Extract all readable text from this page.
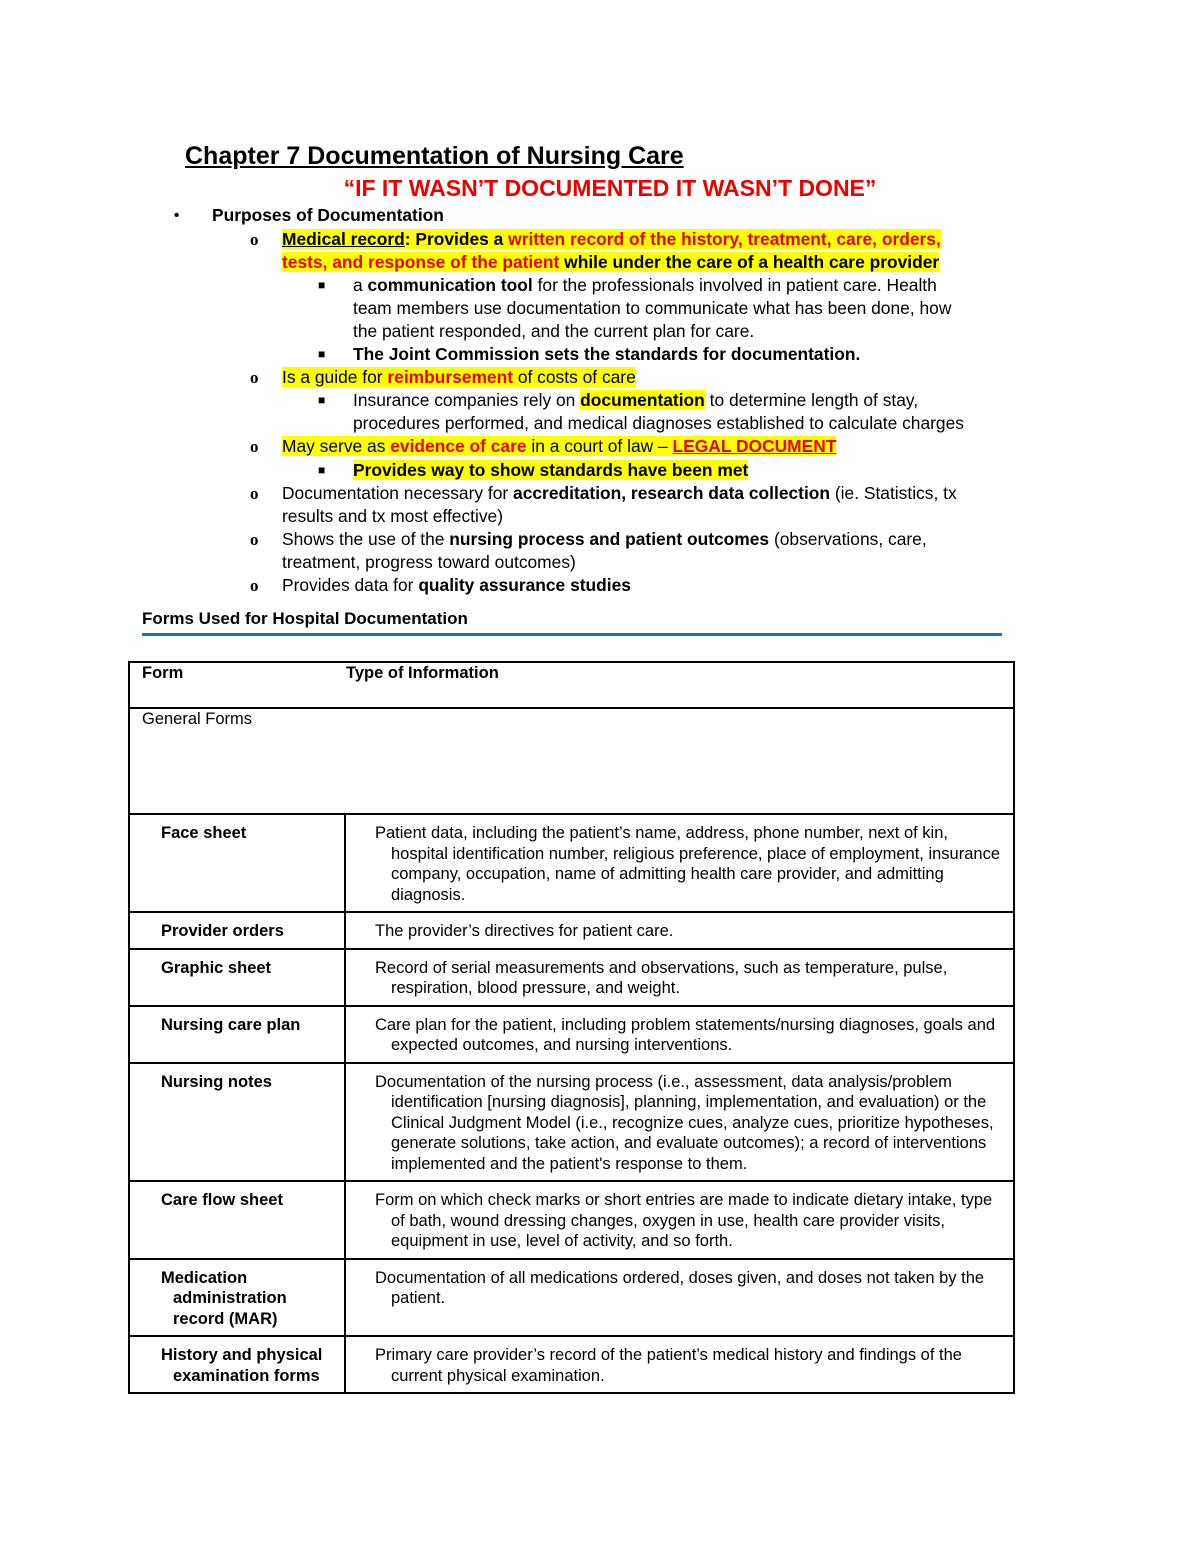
Chapter 7 Documentation of Nursing Care
“IF IT WASN’T DOCUMENTED IT WASN’T DONE”
• Purposes of Documentation
o Medical record: Provides a written record of the history, treatment, care, orders,
tests, and response of the patient while under the care of a health care provider
■ a communication tool for the professionals involved in patient care. Health
team members use documentation to communicate what has been done, how
the patient responded, and the current plan for care.
■ The Joint Commission sets the standards for documentation.
o Is a guide for reimbursement of costs of care
■ Insurance companies rely on documentation to determine length of stay,
procedures performed, and medical diagnoses established to calculate charges
o May serve as evidence of care in a court of law – LEGAL DOCUMENT
■ Provides way to show standards have been met
o Documentation necessary for accreditation, research data collection (ie. Statistics, tx
results and tx most effective)
o Shows the use of the nursing process and patient outcomes (observations, care,
treatment, progress toward outcomes)
o Provides data for quality assurance studies
Forms Used for Hospital Documentation
Form Type of Information	
General Forms	

Face sheet	Patient data, including the patient’s name, address, phone number, next of kin, hospital identification number, religious preference, place of employment, insurance company, occupation, name of admitting health care provider, and admitting diagnosis.

Provider orders	The provider’s directives for patient care.

Graphic sheet	Record of serial measurements and observations, such as temperature, pulse, respiration, blood pressure, and weight.

Nursing care plan	Care plan for the patient, including problem statements/nursing diagnoses, goals and expected outcomes, and nursing interventions.

Nursing notes	Documentation of the nursing process (i.e., assessment, data analysis/problem identification [nursing diagnosis], planning, implementation, and evaluation) or the Clinical Judgment Model (i.e., recognize cues, analyze cues, prioritize hypotheses, generate solutions, take action, and evaluate outcomes); a record of interventions implemented and the patient's response to them.

Care flow sheet	Form on which check marks or short entries are made to indicate dietary intake, type of bath, wound dressing changes, oxygen in use, health care provider visits, equipment in use, level of activity, and so forth.

Medication administration record (MAR)	Documentation of all medications ordered, doses given, and doses not taken by the patient.

History and physical examination forms	Primary care provider’s record of the patient’s medical history and findings of the current physical examination.
